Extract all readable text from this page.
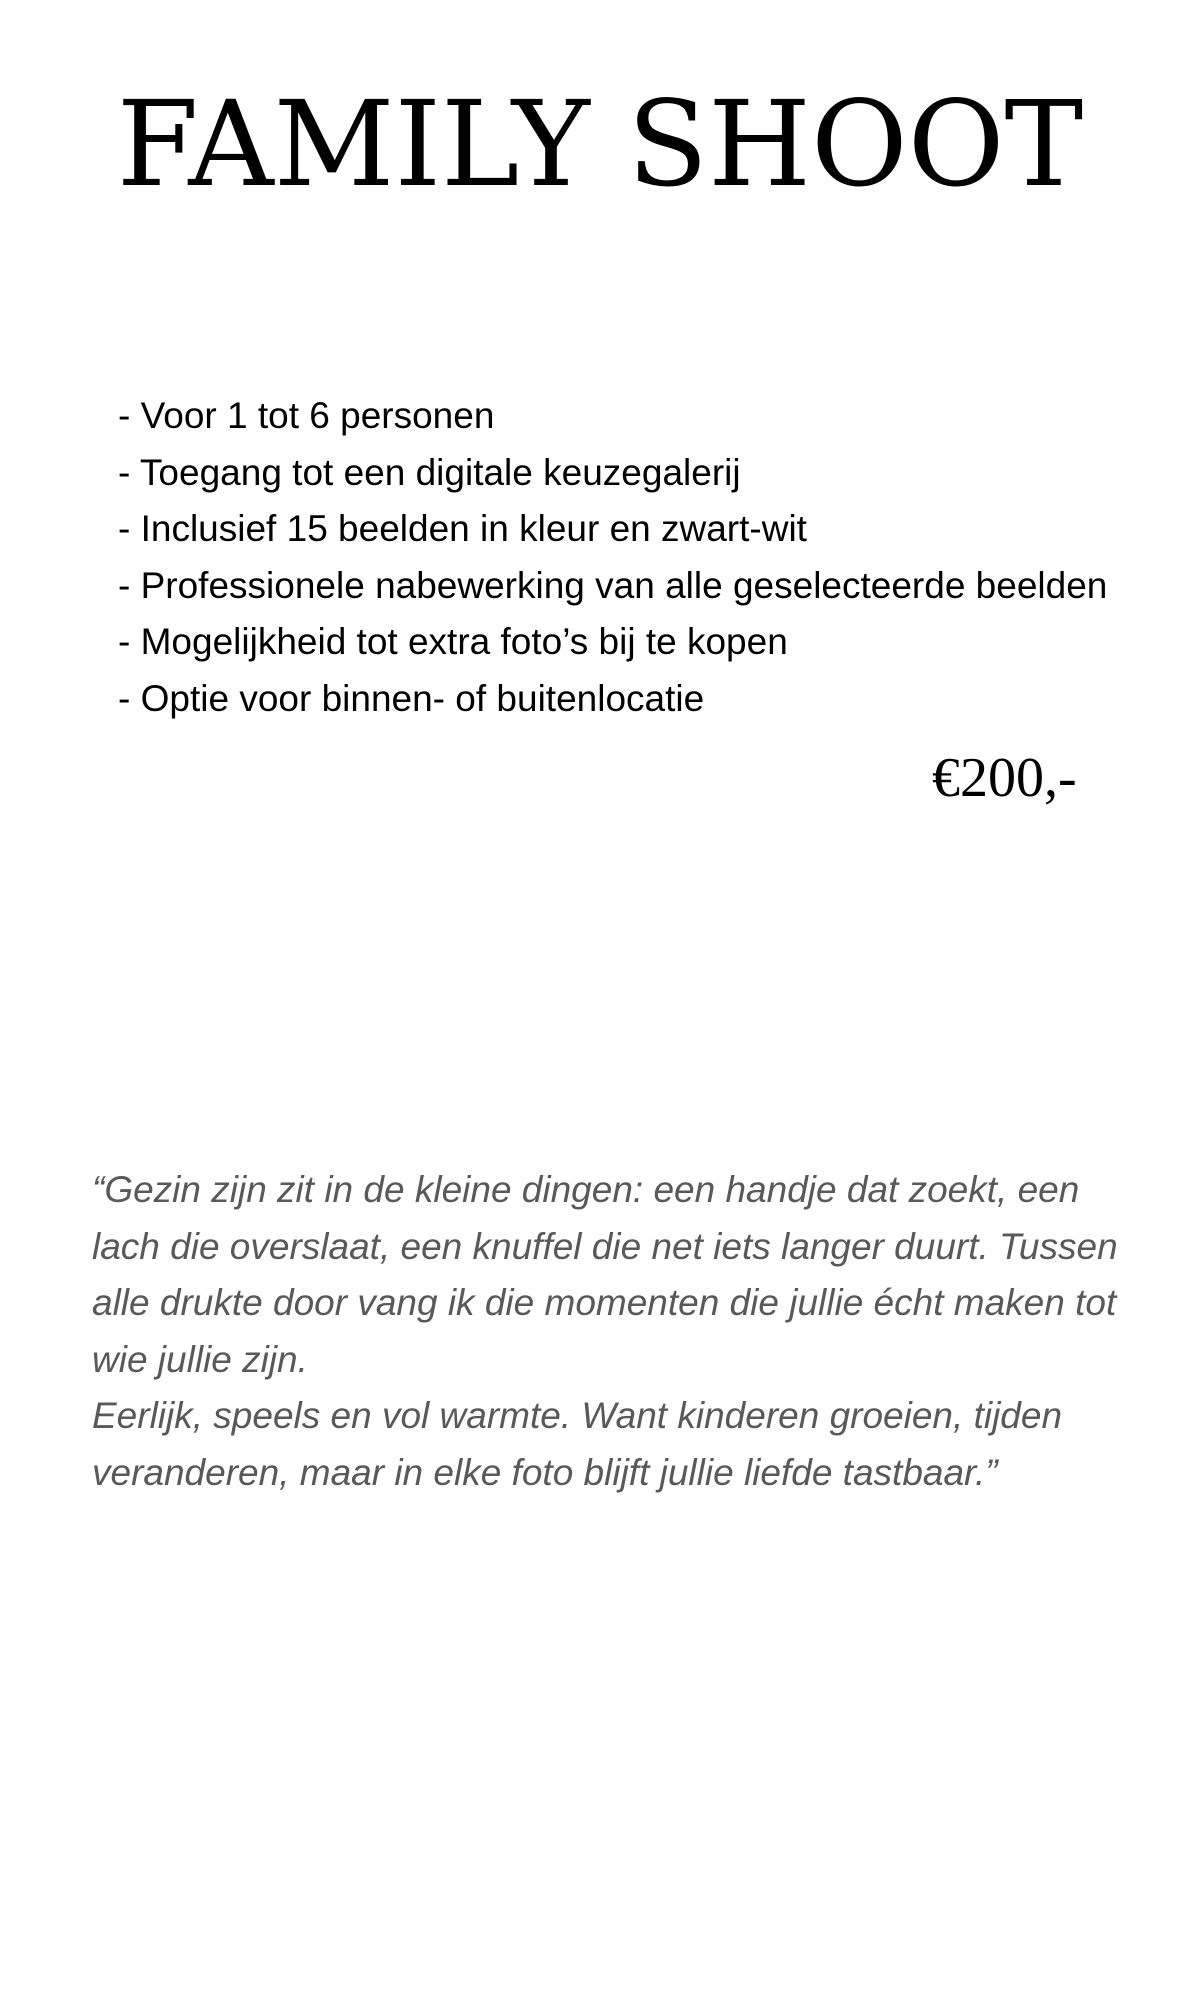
FAMILY SHOOT
- Voor 1 tot 6 personen
- Toegang tot een digitale keuzegalerij
- Inclusief 15 beelden in kleur en zwart-wit
- Professionele nabewerking van alle geselecteerde beelden
- Mogelijkheid tot extra foto’s bij te kopen
- Optie voor binnen- of buitenlocatie
€200,-

“Gezin zijn zit in de kleine dingen: een handje dat zoekt, een lach die overslaat, een knuffel die net iets langer duurt. Tussen alle drukte door vang ik die momenten die jullie écht maken tot wie jullie zijn.

Eerlijk, speels en vol warmte. Want kinderen groeien, tijden veranderen, maar in elke foto blijft jullie liefde tastbaar.”
